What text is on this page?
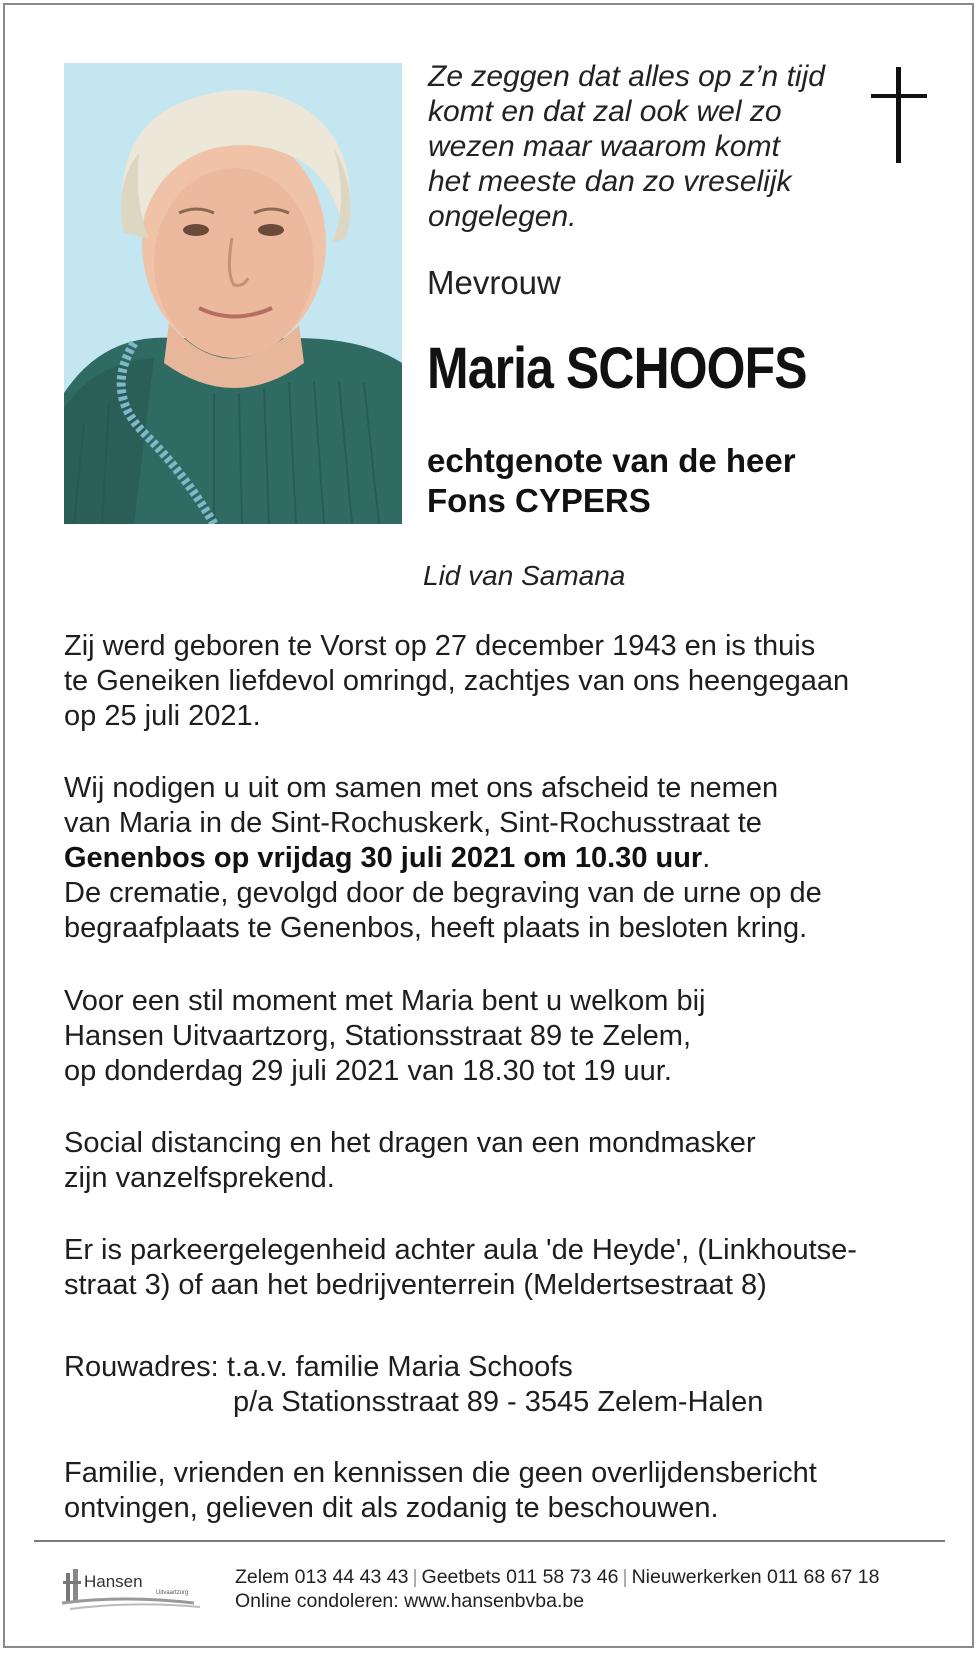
Ze zeggen dat alles op z’n tijd
komt en dat zal ook wel zo
wezen maar waarom komt
het meeste dan zo vreselijk
ongelegen.
Mevrouw
Maria SCHOOFS
echtgenote van de heer
Fons CYPERS
Lid van Samana
Zij werd geboren te Vorst op 27 december 1943 en is thuis
te Geneiken liefdevol omringd, zachtjes van ons heengegaan
op 25 juli 2021.
Wij nodigen u uit om samen met ons afscheid te nemen
van Maria in de Sint-Rochuskerk, Sint-Rochusstraat te
Genenbos op vrijdag 30 juli 2021 om 10.30 uur.
De crematie, gevolgd door de begraving van de urne op de
begraafplaats te Genenbos, heeft plaats in besloten kring.
Voor een stil moment met Maria bent u welkom bij
Hansen Uitvaartzorg, Stationsstraat 89 te Zelem,
op donderdag 29 juli 2021 van 18.30 tot 19 uur.
Social distancing en het dragen van een mondmasker
zijn vanzelfsprekend.
Er is parkeergelegenheid achter aula 'de Heyde', (Linkhoutse-
straat 3) of aan het bedrijventerrein (Meldertsestraat 8)
Rouwadres: t.a.v. familie Maria Schoofs
p/a Stationsstraat 89 - 3545 Zelem-Halen
Familie, vrienden en kennissen die geen overlijdensbericht
ontvingen, gelieven dit als zodanig te beschouwen.
Hansen
Uitvaartzorg
Zelem 013 44 43 43 | Geetbets 011 58 73 46 | Nieuwerkerken 011 68 67 18
Online condoleren: www.hansenbvba.be
